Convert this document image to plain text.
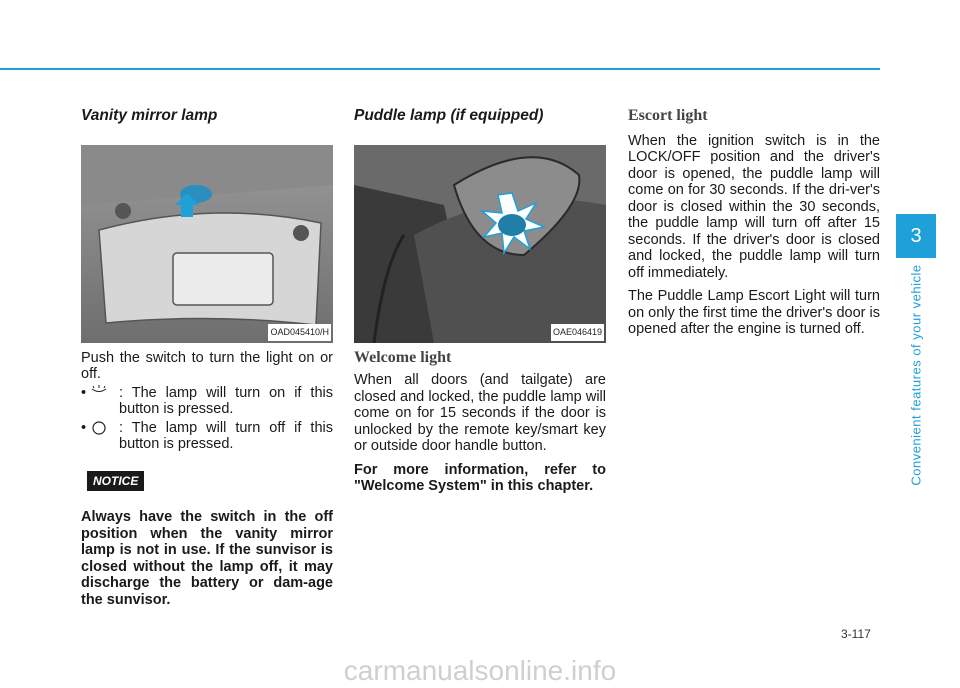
Vanity mirror lamp
OAD045410/H

Push the switch to turn the light on or off.

• : The lamp will turn on if this button is pressed.
• : The lamp will turn off if this button is pressed.
NOTICE

Always have the switch in the off position when the vanity mirror lamp is not in use. If the sunvisor is closed without the lamp off, it may discharge the battery or dam-age the sunvisor.

Puddle lamp (if equipped)
OAE046419
Welcome light

When all doors (and tailgate) are closed and locked, the puddle lamp will come on for 15 seconds if the door is unlocked by the remote key/smart key or outside door handle button.

For more information, refer to "Welcome System" in this chapter.

Escort light

When the ignition switch is in the LOCK/OFF position and the driver's door is opened, the puddle lamp will come on for 30 seconds. If the dri-ver's door is closed within the 30 seconds, the puddle lamp will turn off after 15 seconds. If the driver's door is closed and locked, the puddle lamp will turn off immediately.

The Puddle Lamp Escort Light will turn on only the first time the driver's door is opened after the engine is turned off.

3
Convenient features of your vehicle
3-117
carmanualsonline.info
